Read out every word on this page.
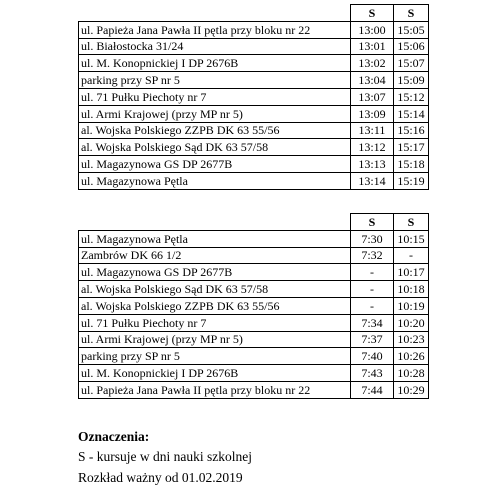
	S	S
ul. Papieża Jana Pawła II pętla przy bloku nr 22	13:00	15:05
ul. Białostocka 31/24	13:01	15:06
ul. M. Konopnickiej I DP 2676B	13:02	15:07
parking przy SP nr 5	13:04	15:09
ul. 71 Pułku Piechoty nr 7	13:07	15:12
ul. Armi Krajowej (przy MP nr 5)	13:09	15:14
al. Wojska Polskiego ZZPB DK 63 55/56	13:11	15:16
al. Wojska Polskiego Sąd DK 63 57/58	13:12	15:17
ul. Magazynowa GS DP 2677B	13:13	15:18
ul. Magazynowa Pętla	13:14	15:19
	S	S
ul. Magazynowa Pętla	7:30	10:15
Zambrów DK 66 1/2	7:32	-
ul. Magazynowa GS DP 2677B	-	10:17
al. Wojska Polskiego Sąd DK 63 57/58	-	10:18
al. Wojska Polskiego ZZPB DK 63 55/56	-	10:19
ul. 71 Pułku Piechoty nr 7	7:34	10:20
ul. Armi Krajowej (przy MP nr 5)	7:37	10:23
parking przy SP nr 5	7:40	10:26
ul. M. Konopnickiej I DP 2676B	7:43	10:28
ul. Papieża Jana Pawła II pętla przy bloku nr 22	7:44	10:29
Oznaczenia:
S - kursuje w dni nauki szkolnej
Rozkład ważny od 01.02.2019
